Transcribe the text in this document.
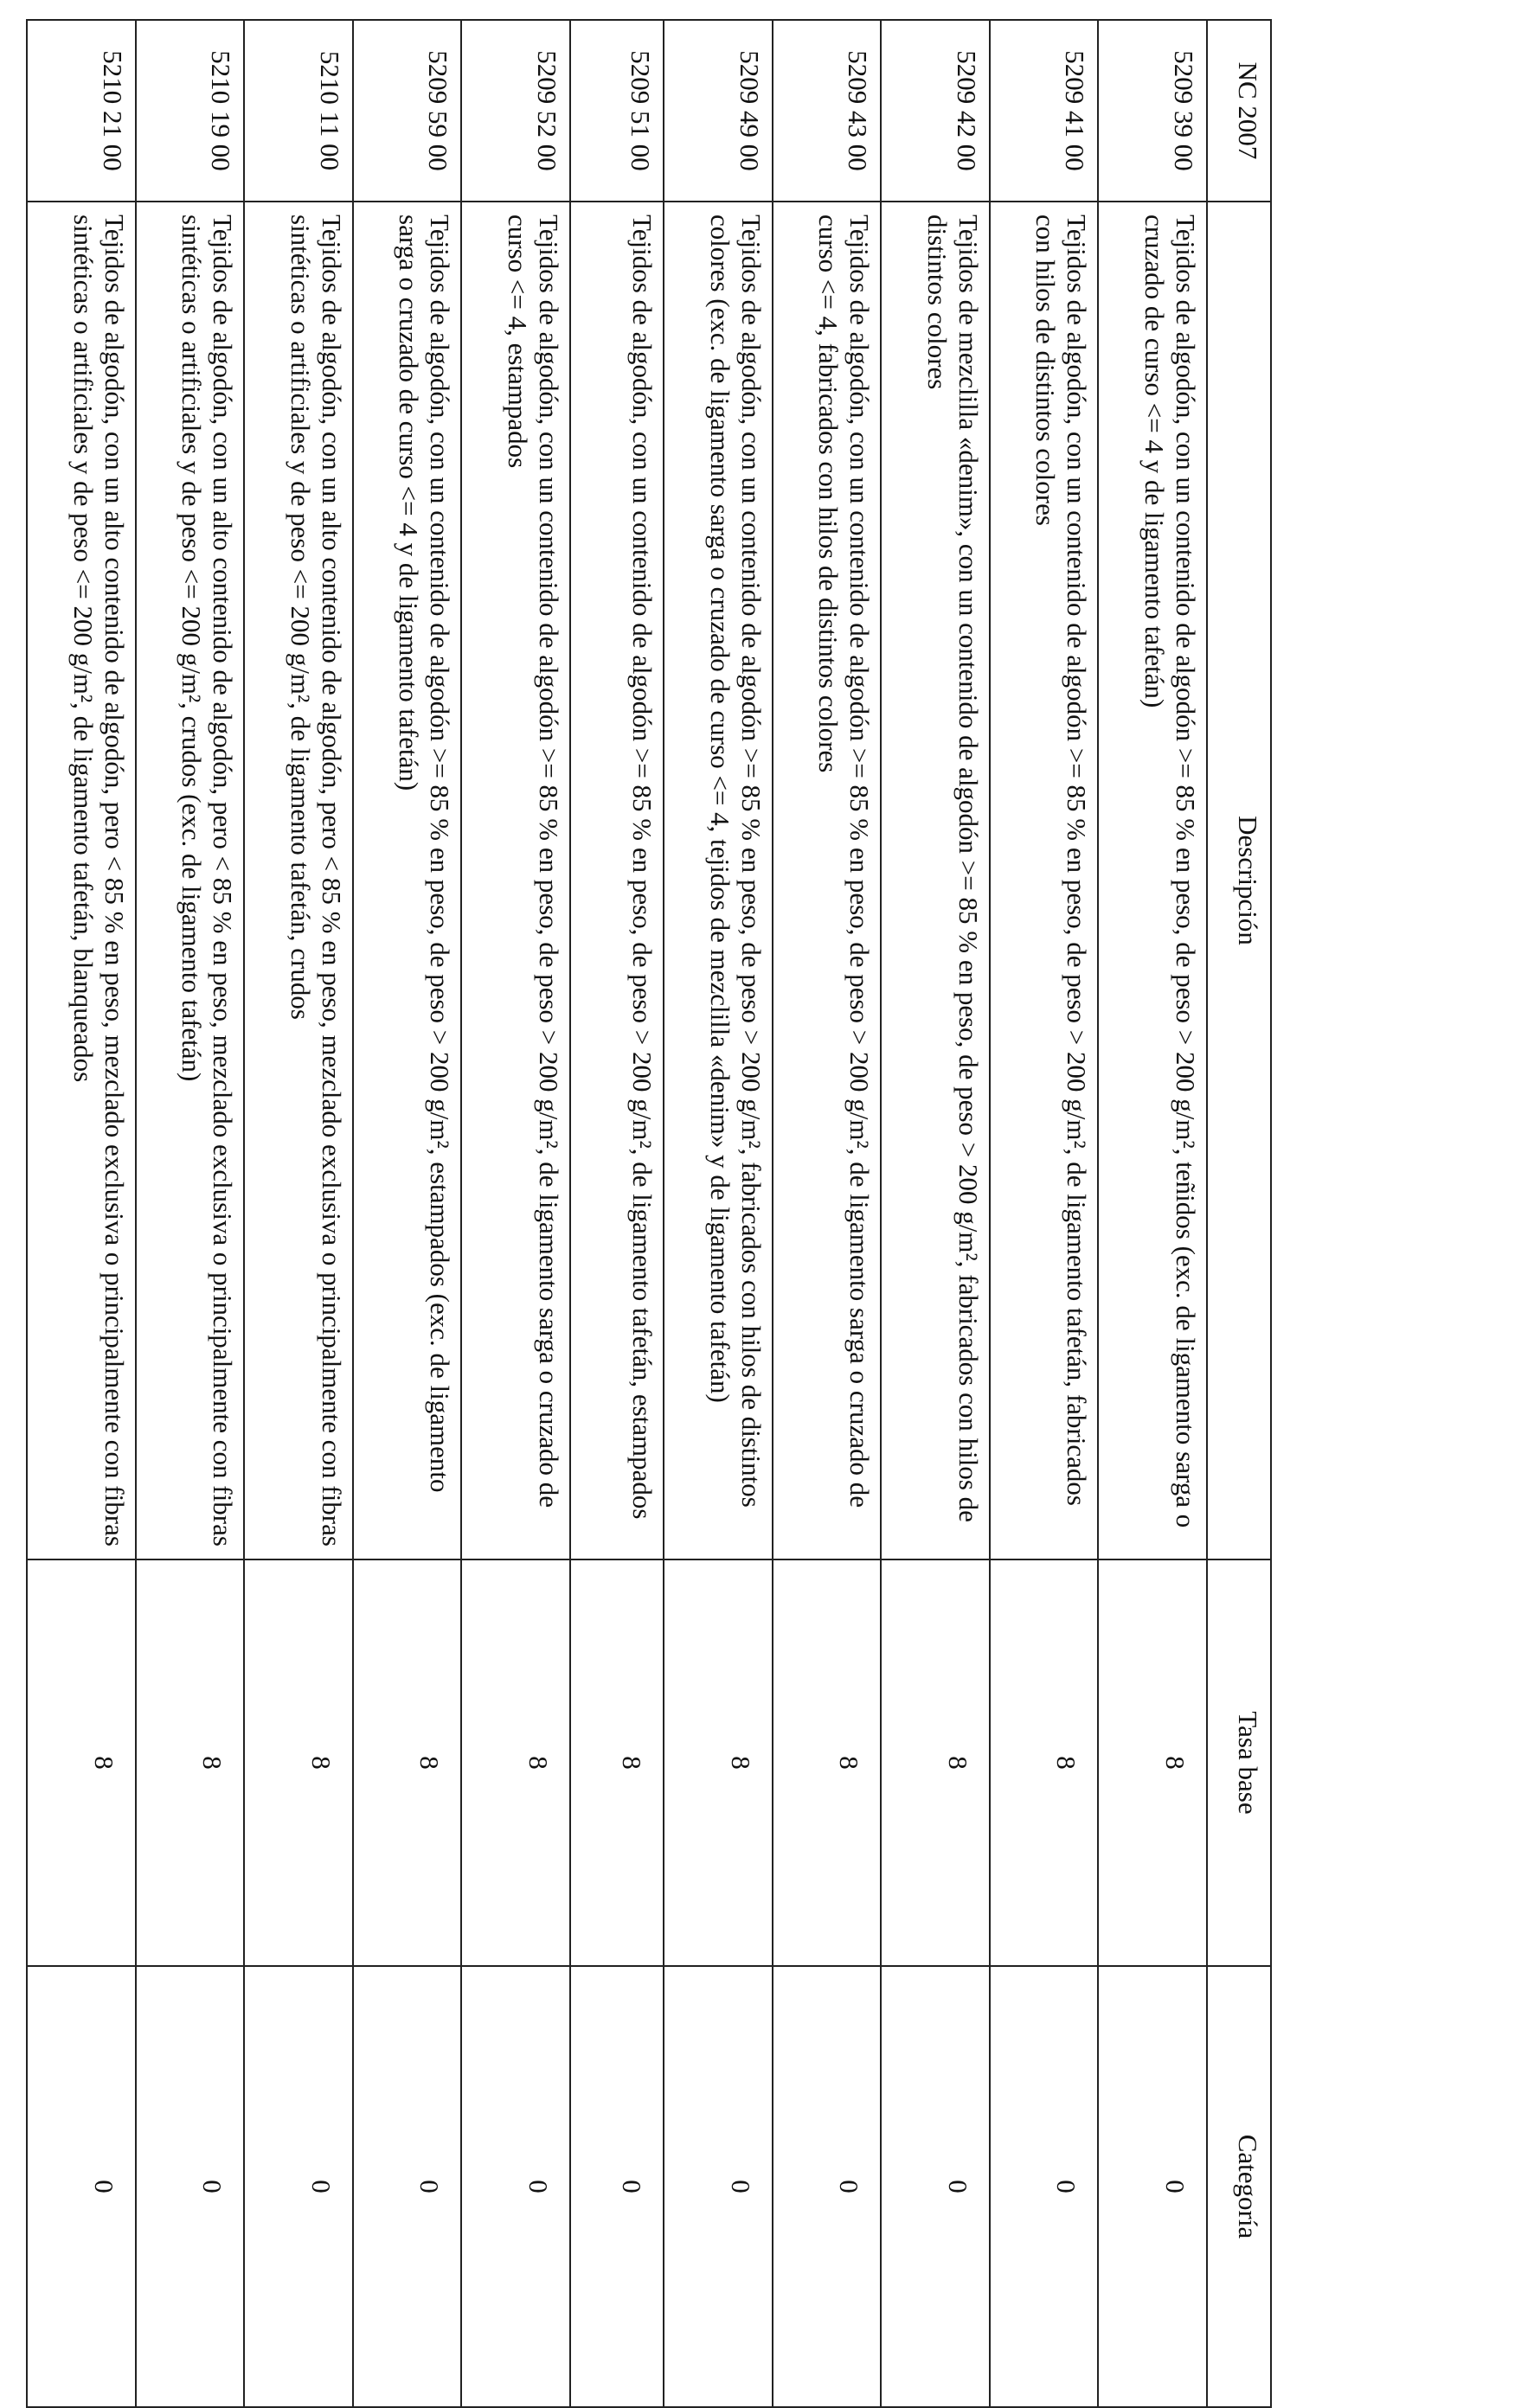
NC 2007	Descripción	Tasa base	Categoría
5209 39 00	Tejidos de algodón, con un contenido de algodón >= 85 % en peso, de peso > 200 g/m², teñidos (exc. de ligamento sarga o cruzado de curso <= 4 y de ligamento tafetán)	8	0
5209 41 00	Tejidos de algodón, con un contenido de algodón >= 85 % en peso, de peso > 200 g/m², de ligamento tafetán, fabricados con hilos de distintos colores	8	0
5209 42 00	Tejidos de mezclilla «denim», con un contenido de algodón >= 85 % en peso, de peso > 200 g/m², fabricados con hilos de distintos colores	8	0
5209 43 00	Tejidos de algodón, con un contenido de algodón >= 85 % en peso, de peso > 200 g/m², de ligamento sarga o cruzado de curso <= 4, fabricados con hilos de distintos colores	8	0
5209 49 00	Tejidos de algodón, con un contenido de algodón >= 85 % en peso, de peso > 200 g/m², fabricados con hilos de distintos colores (exc. de ligamento sarga o cruzado de curso <= 4, tejidos de mezclilla «denim» y de ligamento tafetán)	8	0
5209 51 00	Tejidos de algodón, con un contenido de algodón >= 85 % en peso, de peso > 200 g/m², de ligamento tafetán, estampados	8	0
5209 52 00	Tejidos de algodón, con un contenido de algodón >= 85 % en peso, de peso > 200 g/m², de ligamento sarga o cruzado de curso <= 4, estampados	8	0
5209 59 00	Tejidos de algodón, con un contenido de algodón >= 85 % en peso, de peso > 200 g/m², estampados (exc. de ligamento sarga o cruzado de curso <= 4 y de ligamento tafetán)	8	0
5210 11 00	Tejidos de algodón, con un alto contenido de algodón, pero < 85 % en peso, mezclado exclusiva o principalmente con fibras sintéticas o artificiales y de peso <= 200 g/m², de ligamento tafetán, crudos	8	0
5210 19 00	Tejidos de algodón, con un alto contenido de algodón, pero < 85 % en peso, mezclado exclusiva o principalmente con fibras sintéticas o artificiales y de peso <= 200 g/m², crudos (exc. de ligamento tafetán)	8	0
5210 21 00	Tejidos de algodón, con un alto contenido de algodón, pero < 85 % en peso, mezclado exclusiva o principalmente con fibras sintéticas o artificiales y de peso <= 200 g/m², de ligamento tafetán, blanqueados	8	0
